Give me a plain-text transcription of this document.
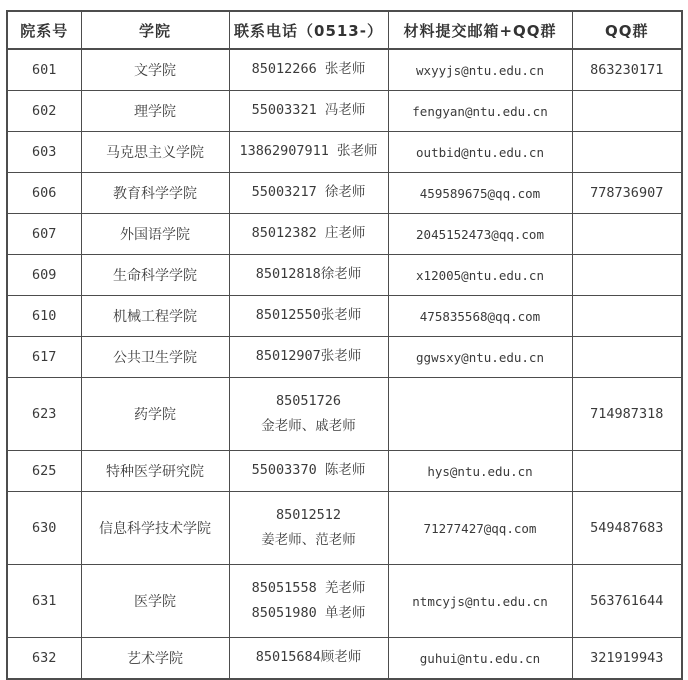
院系号	学院	联系电话（0513-）	材料提交邮箱+QQ群	QQ群
601	文学院	85012266 张老师	wxyyjs@ntu.edu.cn	863230171
602	理学院	55003321 冯老师	fengyan@ntu.edu.cn	
603	马克思主义学院	13862907911 张老师	outbid@ntu.edu.cn	
606	教育科学学院	55003217 徐老师	459589675@qq.com	778736907
607	外国语学院	85012382 庄老师	2045152473@qq.com	
609	生命科学学院	85012818徐老师	x12005@ntu.edu.cn	
610	机械工程学院	85012550张老师	475835568@qq.com	
617	公共卫生学院	85012907张老师	ggwsxy@ntu.edu.cn	
623	药学院	85051726
金老师、戚老师		714987318
625	特种医学研究院	55003370 陈老师	hys@ntu.edu.cn	
630	信息科学技术学院	85012512
姜老师、范老师	71277427@qq.com	549487683
631	医学院	85051558 羌老师
85051980 单老师	ntmcyjs@ntu.edu.cn	563761644
632	艺术学院	85015684顾老师	guhui@ntu.edu.cn	321919943
